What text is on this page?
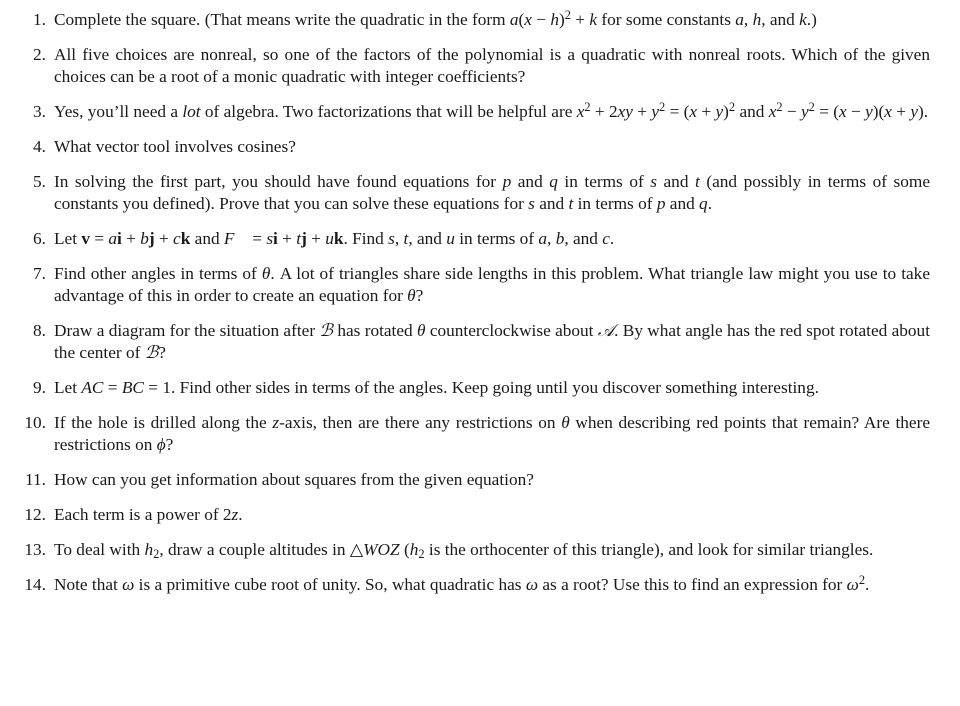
1. Complete the square. (That means write the quadratic in the form $a(x - h)^2 + k$ for some constants a, h, and k.)
2. All five choices are nonreal, so one of the factors of the polynomial is a quadratic with nonreal roots. Which of the given choices can be a root of a monic quadratic with integer coefficients?
3. Yes, you’ll need a lot of algebra. Two factorizations that will be helpful are $x^2 + 2xy + y^2 = (x + y)^2$ and $x^2 - y^2 = (x - y)(x + y)$.
4. What vector tool involves cosines?
5. In solving the first part, you should have found equations for p and q in terms of s and t (and possibly in terms of some constants you defined). Prove that you can solve these equations for s and t in terms of p and q.
6. Let v = ai + bj + ck and F⃗ = si + tj + uk. Find s, t, and u in terms of a, b, and c.
7. Find other angles in terms of θ. A lot of triangles share side lengths in this problem. What triangle law might you use to take advantage of this in order to create an equation for θ?
8. Draw a diagram for the situation after ℬ has rotated θ counterclockwise about 𝒜. By what angle has the red spot rotated about the center of ℬ?
9. Let AC = BC = 1. Find other sides in terms of the angles. Keep going until you discover something interesting.
10. If the hole is drilled along the z-axis, then are there any restrictions on θ when describing red points that remain? Are there restrictions on ϕ?
11. How can you get information about squares from the given equation?
12. Each term is a power of 2z.
13. To deal with $h_2$, draw a couple altitudes in △WOZ ($h_2$ is the orthocenter of this triangle), and look for similar triangles.
14. Note that ω is a primitive cube root of unity. So, what quadratic has ω as a root? Use this to find an expression for $\omega^2$.
